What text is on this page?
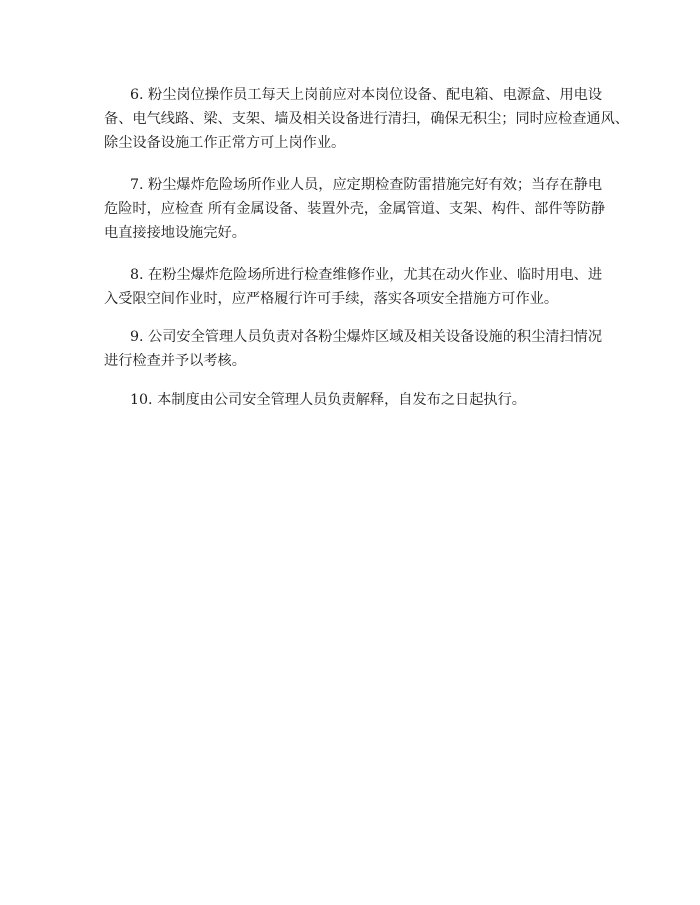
6. 粉尘岗位操作员工每天上岗前应对本岗位设备、配电箱、电源盒、用电设
备、电气线路、梁、支架、墙及相关设备进行清扫，确保无积尘；同时应检查通风、
除尘设备设施工作正常方可上岗作业。
7. 粉尘爆炸危险场所作业人员，应定期检查防雷措施完好有效；当存在静电
危险时，应检查 所有金属设备、装置外壳，金属管道、支架、构件、部件等防静
电直接接地设施完好。
8. 在粉尘爆炸危险场所进行检查维修作业，尤其在动火作业、临时用电、进
入受限空间作业时，应严格履行许可手续，落实各项安全措施方可作业。
9. 公司安全管理人员负责对各粉尘爆炸区域及相关设备设施的积尘清扫情况
进行检查并予以考核。
10. 本制度由公司安全管理人员负责解释，自发布之日起执行。
